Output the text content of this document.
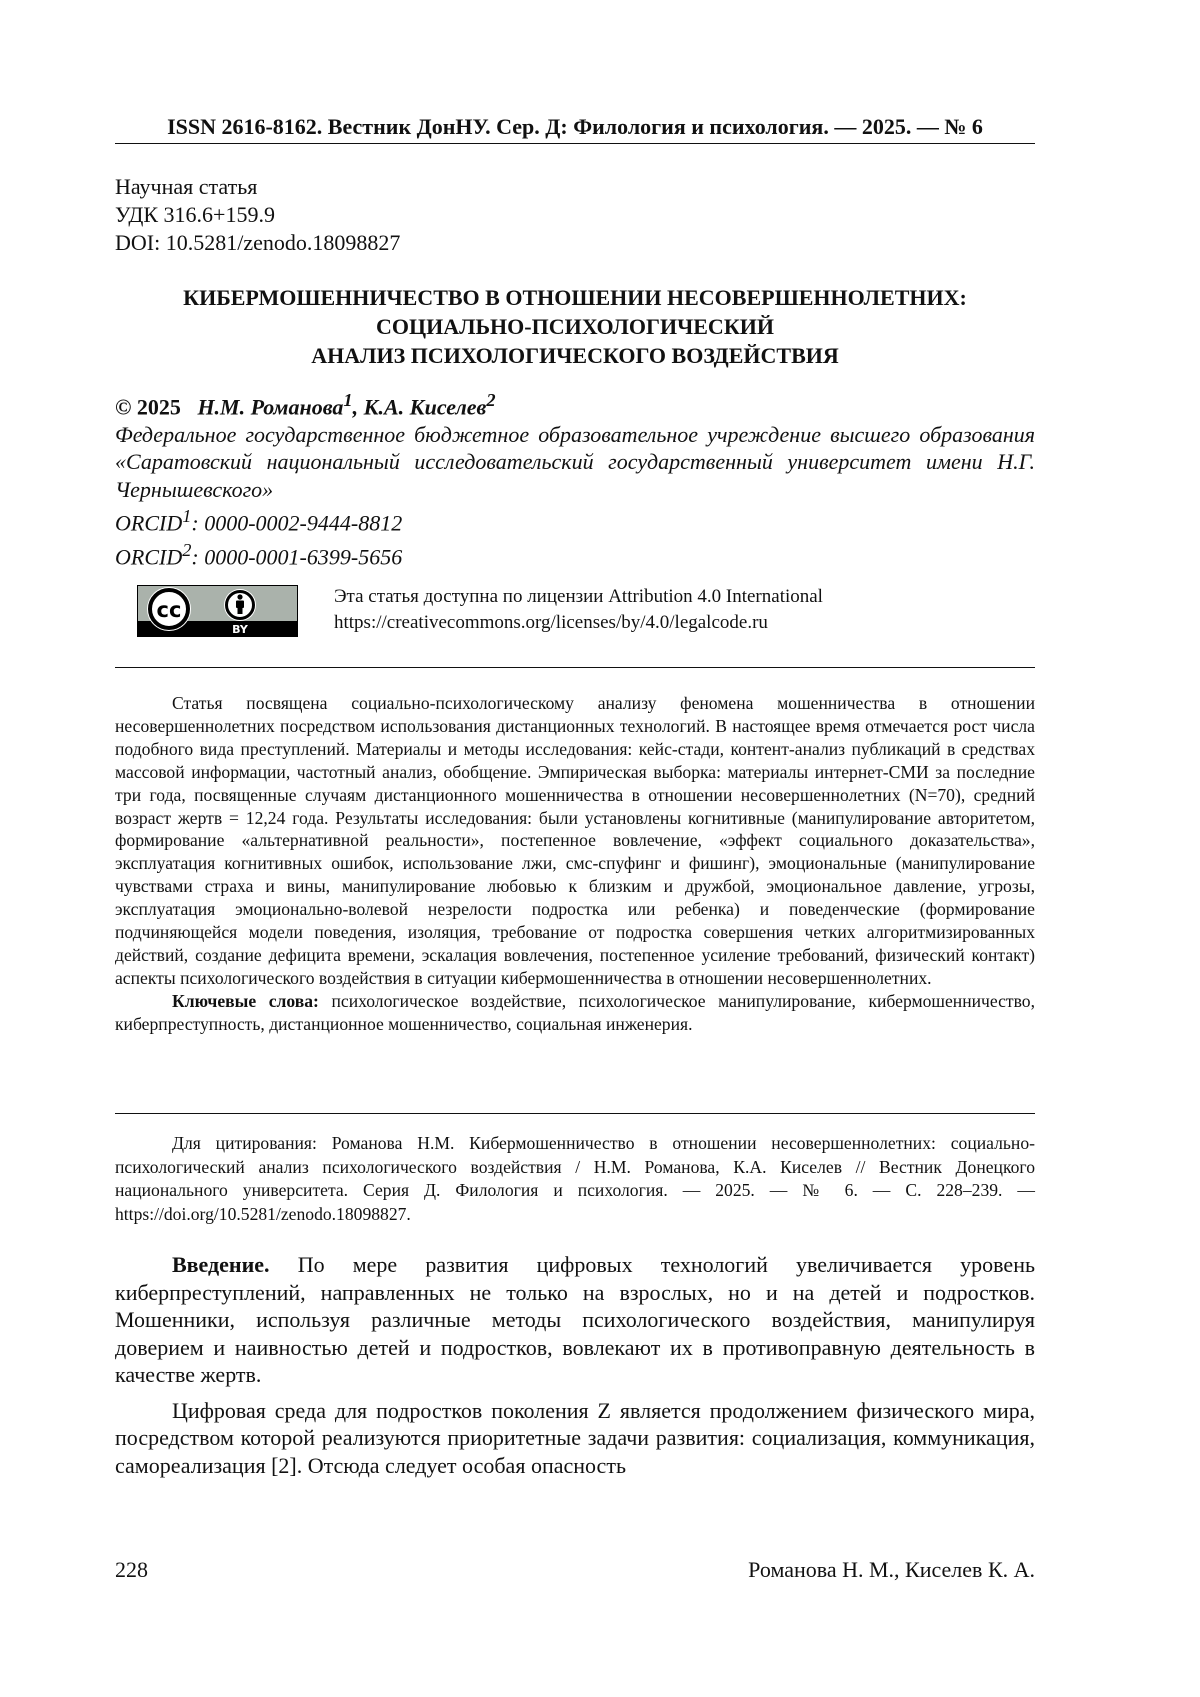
ISSN 2616-8162. Вестник ДонНУ. Сер. Д: Филология и психология. — 2025. — № 6
Научная статья
УДК 316.6+159.9
DOI: 10.5281/zenodo.18098827
КИБЕРМОШЕННИЧЕСТВО В ОТНОШЕНИИ НЕСОВЕРШЕННОЛЕТНИХ:
СОЦИАЛЬНО-ПСИХОЛОГИЧЕСКИЙ
АНАЛИЗ ПСИХОЛОГИЧЕСКОГО ВОЗДЕЙСТВИЯ
© 2025 Н.М. Романова$^1$, К.А. Киселев$^2$
Федеральное государственное бюджетное образовательное учреждение высшего образования «Саратовский национальный исследовательский государственный университет имени Н.Г. Чернышевского»
ORCID$^1$: 0000-0002-9444-8812
ORCID$^2$: 0000-0001-6399-5656
cc
BY
Эта статья доступна по лицензии Attribution 4.0 International
https://creativecommons.org/licenses/by/4.0/legalcode.ru

Статья посвящена социально-психологическому анализу феномена мошенничества в отношении несовершеннолетних посредством использования дистанционных технологий. В настоящее время отмечается рост числа подобного вида преступлений. Материалы и методы исследования: кейс-стади, контент-анализ публикаций в средствах массовой информации, частотный анализ, обобщение. Эмпирическая выборка: материалы интернет-СМИ за последние три года, посвященные случаям дистанционного мошенничества в отношении несовершеннолетних (N=70), средний возраст жертв = 12,24 года. Результаты исследования: были установлены когнитивные (манипулирование авторитетом, формирование «альтернативной реальности», постепенное вовлечение, «эффект социального доказательства», эксплуатация когнитивных ошибок, использование лжи, смс-спуфинг и фишинг), эмоциональные (манипулирование чувствами страха и вины, манипулирование любовью к близким и дружбой, эмоциональное давление, угрозы, эксплуатация эмоционально-волевой незрелости подростка или ребенка) и поведенческие (формирование подчиняющейся модели поведения, изоляция, требование от подростка совершения четких алгоритмизированных действий, создание дефицита времени, эскалация вовлечения, постепенное усиление требований, физический контакт) аспекты психологического воздействия в ситуации кибермошенничества в отношении несовершеннолетних.

Ключевые слова: психологическое воздействие, психологическое манипулирование, кибермошенничество, киберпреступность, дистанционное мошенничество, социальная инженерия.

Для цитирования: Романова Н.М. Кибермошенничество в отношении несовершеннолетних: социально-психологический анализ психологического воздействия / Н.М. Романова, К.А. Киселев // Вестник Донецкого национального университета. Серия Д. Филология и психология. — 2025. — № 6. — С. 228–239. — https://doi.org/10.5281/zenodo.18098827.

Введение. По мере развития цифровых технологий увеличивается уровень киберпреступлений, направленных не только на взрослых, но и на детей и подростков. Мошенники, используя различные методы психологического воздействия, манипулируя доверием и наивностью детей и подростков, вовлекают их в противоправную деятельность в качестве жертв.

Цифровая среда для подростков поколения Z является продолжением физического мира, посредством которой реализуются приоритетные задачи развития: социализация, коммуникация, самореализация [2]. Отсюда следует особая опасность

228	Романова Н. М., Киселев К. А.
